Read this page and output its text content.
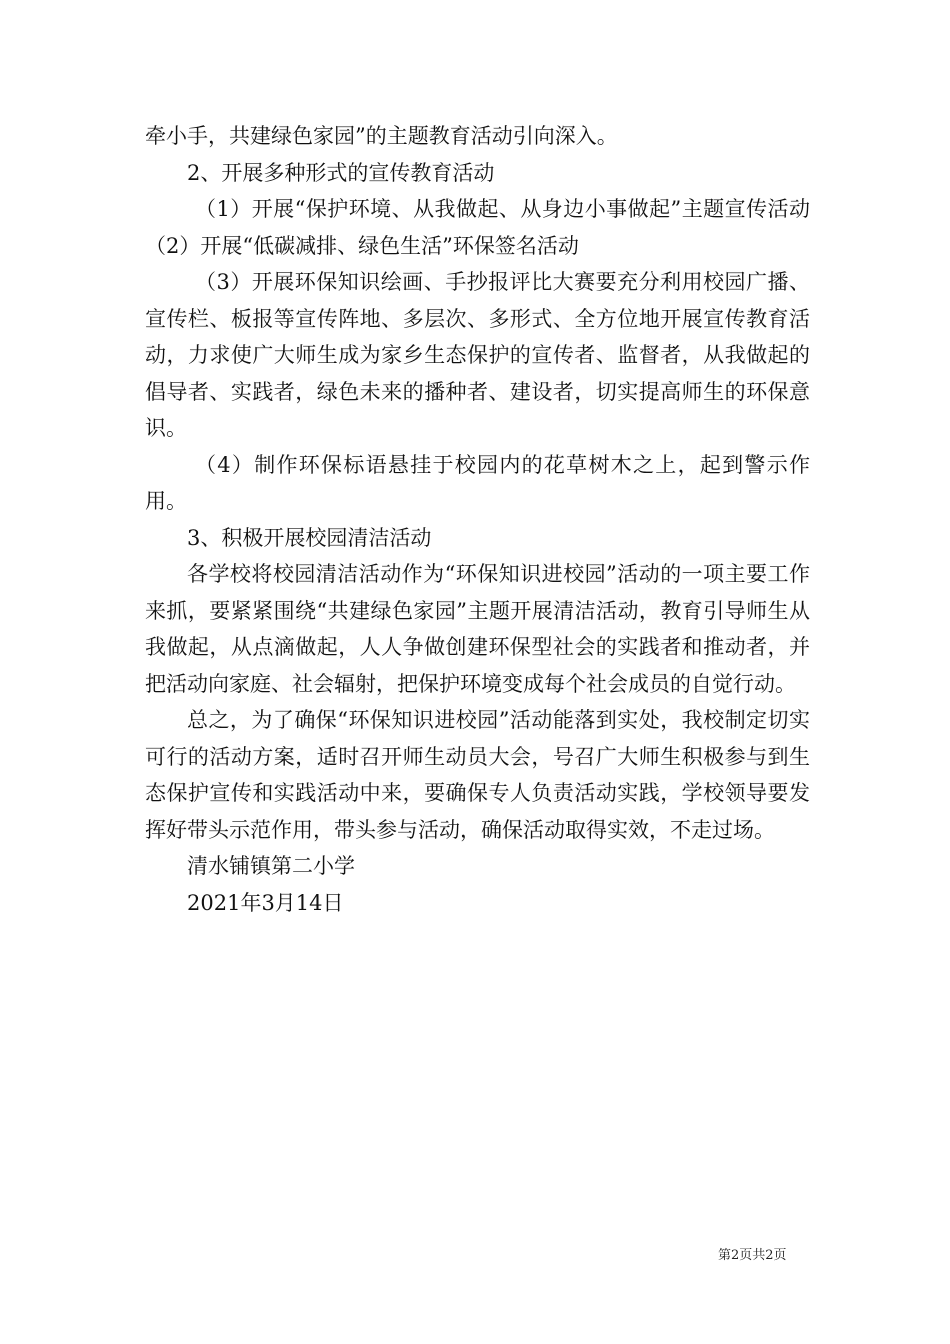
牵小手，共建绿色家园”的主题教育活动引向深入。

2、开展多种形式的宣传教育活动

（1）开展“保护环境、从我做起、从身边小事做起”主题宣传活动（2）开展“低碳减排、绿色生活”环保签名活动

（3）开展环保知识绘画、手抄报评比大赛要充分利用校园广播、宣传栏、板报等宣传阵地、多层次、多形式、全方位地开展宣传教育活动，力求使广大师生成为家乡生态保护的宣传者、监督者，从我做起的倡导者、实践者，绿色未来的播种者、建设者，切实提高师生的环保意识。

（4）制作环保标语悬挂于校园内的花草树木之上，起到警示作用。

3、积极开展校园清洁活动

各学校将校园清洁活动作为“环保知识进校园”活动的一项主要工作来抓，要紧紧围绕“共建绿色家园”主题开展清洁活动，教育引导师生从我做起，从点滴做起，人人争做创建环保型社会的实践者和推动者，并把活动向家庭、社会辐射，把保护环境变成每个社会成员的自觉行动。

总之，为了确保“环保知识进校园”活动能落到实处，我校制定切实可行的活动方案，适时召开师生动员大会，号召广大师生积极参与到生态保护宣传和实践活动中来，要确保专人负责活动实践，学校领导要发挥好带头示范作用，带头参与活动，确保活动取得实效，不走过场。

清水铺镇第二小学

2021年3月14日

第2页共2页
